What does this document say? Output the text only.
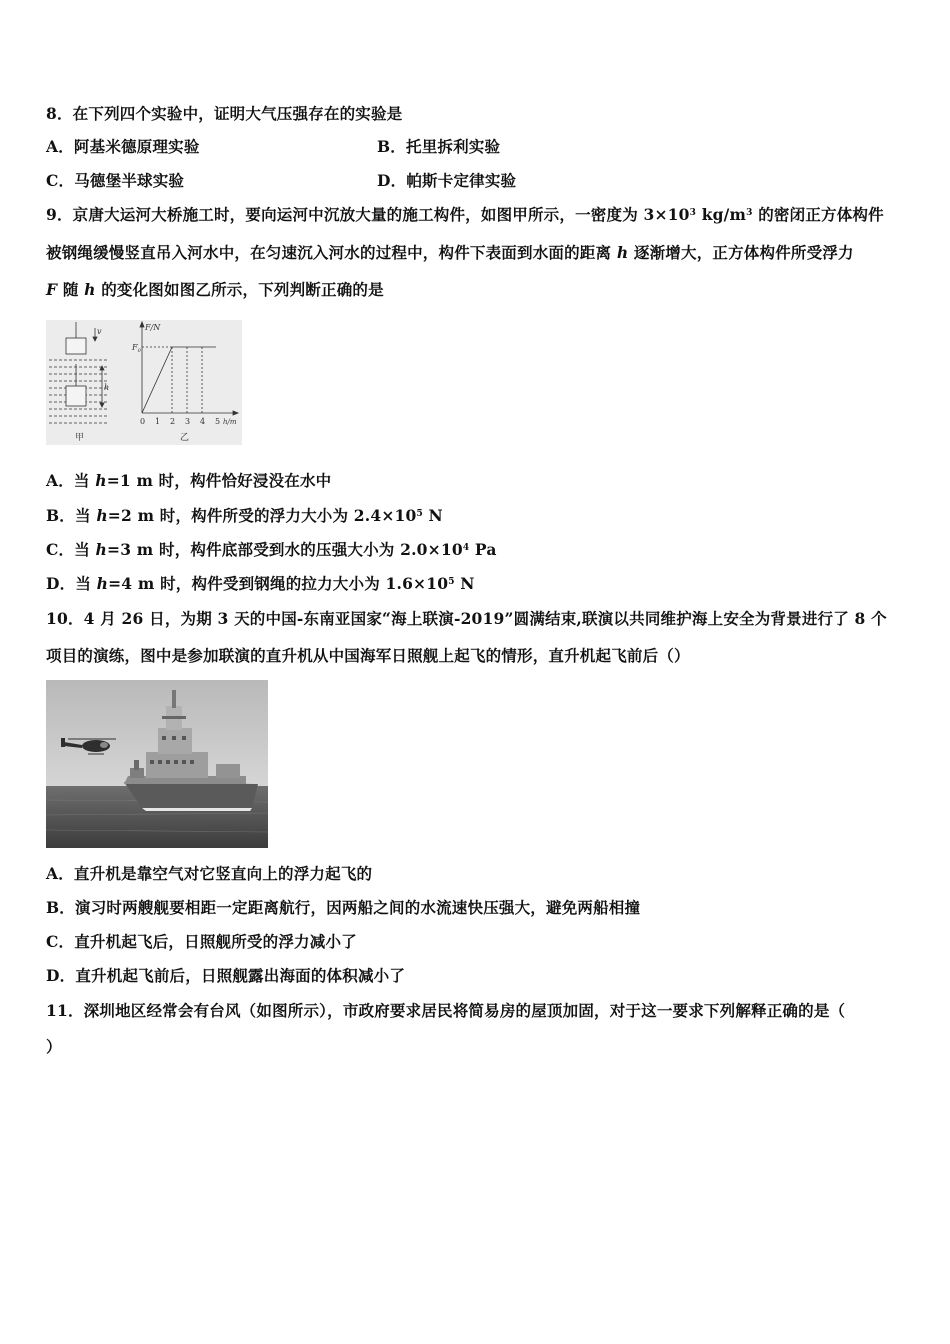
8．在下列四个实验中，证明大气压强存在的实验是
A．阿基米德原理实验	B．托里拆利实验
C．马德堡半球实验	D．帕斯卡定律实验
9．京唐大运河大桥施工时，要向运河中沉放大量的施工构件，如图甲所示，一密度为 $3\times 10^3$ $kg/m^3$ 的密闭正方体构件
被钢绳缓慢竖直吊入河水中，在匀速沉入河水的过程中，构件下表面到水面的距离 h 逐渐增大，正方体构件所受浮力
F 随 h 的变化图如图乙所示，下列判断正确的是
v
h
甲
F/N
$F_0$
0 1 2 3 4 5 h/m
乙
A．当 h=1 m 时，构件恰好浸没在水中
B．当 h=2 m 时，构件所受的浮力大小为 $2.4\times 10^5$ N
C．当 h=3 m 时，构件底部受到水的压强大小为 $2.0\times 10^4$ Pa
D．当 h=4 m 时，构件受到钢绳的拉力大小为 $1.6\times 10^5$ N
10．4 月 26 日，为期 3 天的中国-东南亚国家“海上联演-2019”圆满结束,联演以共同维护海上安全为背景进行了 8 个
项目的演练，图中是参加联演的直升机从中国海军日照舰上起飞的情形，直升机起飞前后（）
A．直升机是靠空气对它竖直向上的浮力起飞的
B．演习时两艘舰要相距一定距离航行，因两船之间的水流速快压强大，避免两船相撞
C．直升机起飞后，日照舰所受的浮力减小了
D．直升机起飞前后，日照舰露出海面的体积减小了
11．深圳地区经常会有台风（如图所示），市政府要求居民将简易房的屋顶加固，对于这一要求下列解释正确的是（
）
